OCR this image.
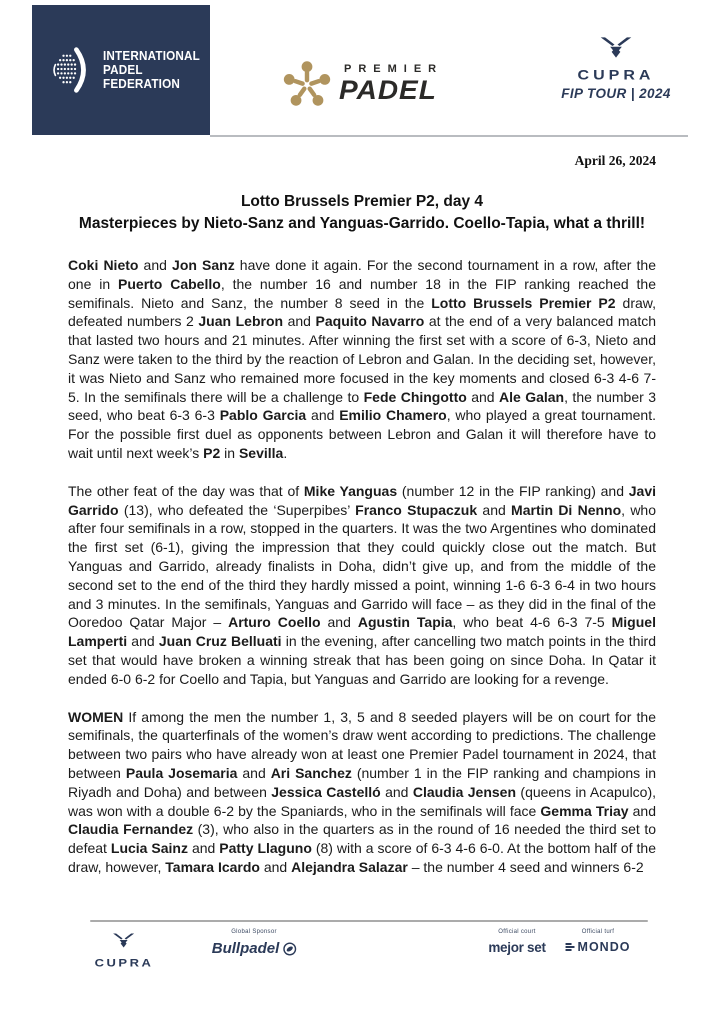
INTERNATIONAL
PADEL
FEDERATION
PREMIER
PADEL	CUPRA
FIP TOUR | 2024
April 26, 2024
Lotto Brussels Premier P2, day 4
Masterpieces by Nieto-Sanz and Yanguas-Garrido. Coello-Tapia, what a thrill!

Coki Nieto and Jon Sanz have done it again. For the second tournament in a row, after the one in Puerto Cabello, the number 16 and number 18 in the FIP ranking reached the semifinals. Nieto and Sanz, the number 8 seed in the Lotto Brussels Premier P2 draw, defeated numbers 2 Juan Lebron and Paquito Navarro at the end of a very balanced match that lasted two hours and 21 minutes. After winning the first set with a score of 6-3, Nieto and Sanz were taken to the third by the reaction of Lebron and Galan. In the deciding set, however, it was Nieto and Sanz who remained more focused in the key moments and closed 6-3 4-6 7-5. In the semifinals there will be a challenge to Fede Chingotto and Ale Galan, the number 3 seed, who beat 6-3 6-3 Pablo Garcia and Emilio Chamero, who played a great tournament. For the possible first duel as opponents between Lebron and Galan it will therefore have to wait until next week’s P2 in Sevilla.

The other feat of the day was that of Mike Yanguas (number 12 in the FIP ranking) and Javi Garrido (13), who defeated the ‘Superpibes’ Franco Stupaczuk and Martin Di Nenno, who after four semifinals in a row, stopped in the quarters. It was the two Argentines who dominated the first set (6-1), giving the impression that they could quickly close out the match. But Yanguas and Garrido, already finalists in Doha, didn’t give up, and from the middle of the second set to the end of the third they hardly missed a point, winning 1-6 6-3 6-4 in two hours and 3 minutes. In the semifinals, Yanguas and Garrido will face – as they did in the final of the Ooredoo Qatar Major – Arturo Coello and Agustin Tapia, who beat 4-6 6-3 7-5 Miguel Lamperti and Juan Cruz Belluati in the evening, after cancelling two match points in the third set that would have broken a winning streak that has been going on since Doha. In Qatar it ended 6-0 6-2 for Coello and Tapia, but Yanguas and Garrido are looking for a revenge.

WOMEN If among the men the number 1, 3, 5 and 8 seeded players will be on court for the semifinals, the quarterfinals of the women’s draw went according to predictions. The challenge between two pairs who have already won at least one Premier Padel tournament in 2024, that between Paula Josemaria and Ari Sanchez (number 1 in the FIP ranking and champions in Riyadh and Doha) and between Jessica Castelló and Claudia Jensen (queens in Acapulco), was won with a double 6-2 by the Spaniards, who in the semifinals will face Gemma Triay and Claudia Fernandez (3), who also in the quarters as in the round of 16 needed the third set to defeat Lucia Sainz and Patty Llaguno (8) with a score of 6-3 4-6 6-0. At the bottom half of the draw, however, Tamara Icardo and Alejandra Salazar – the number 4 seed and winners 6-2

CUPRA
Global Sponsor
Bullpadel
Official court
mejor set
Official turf
MONDO
